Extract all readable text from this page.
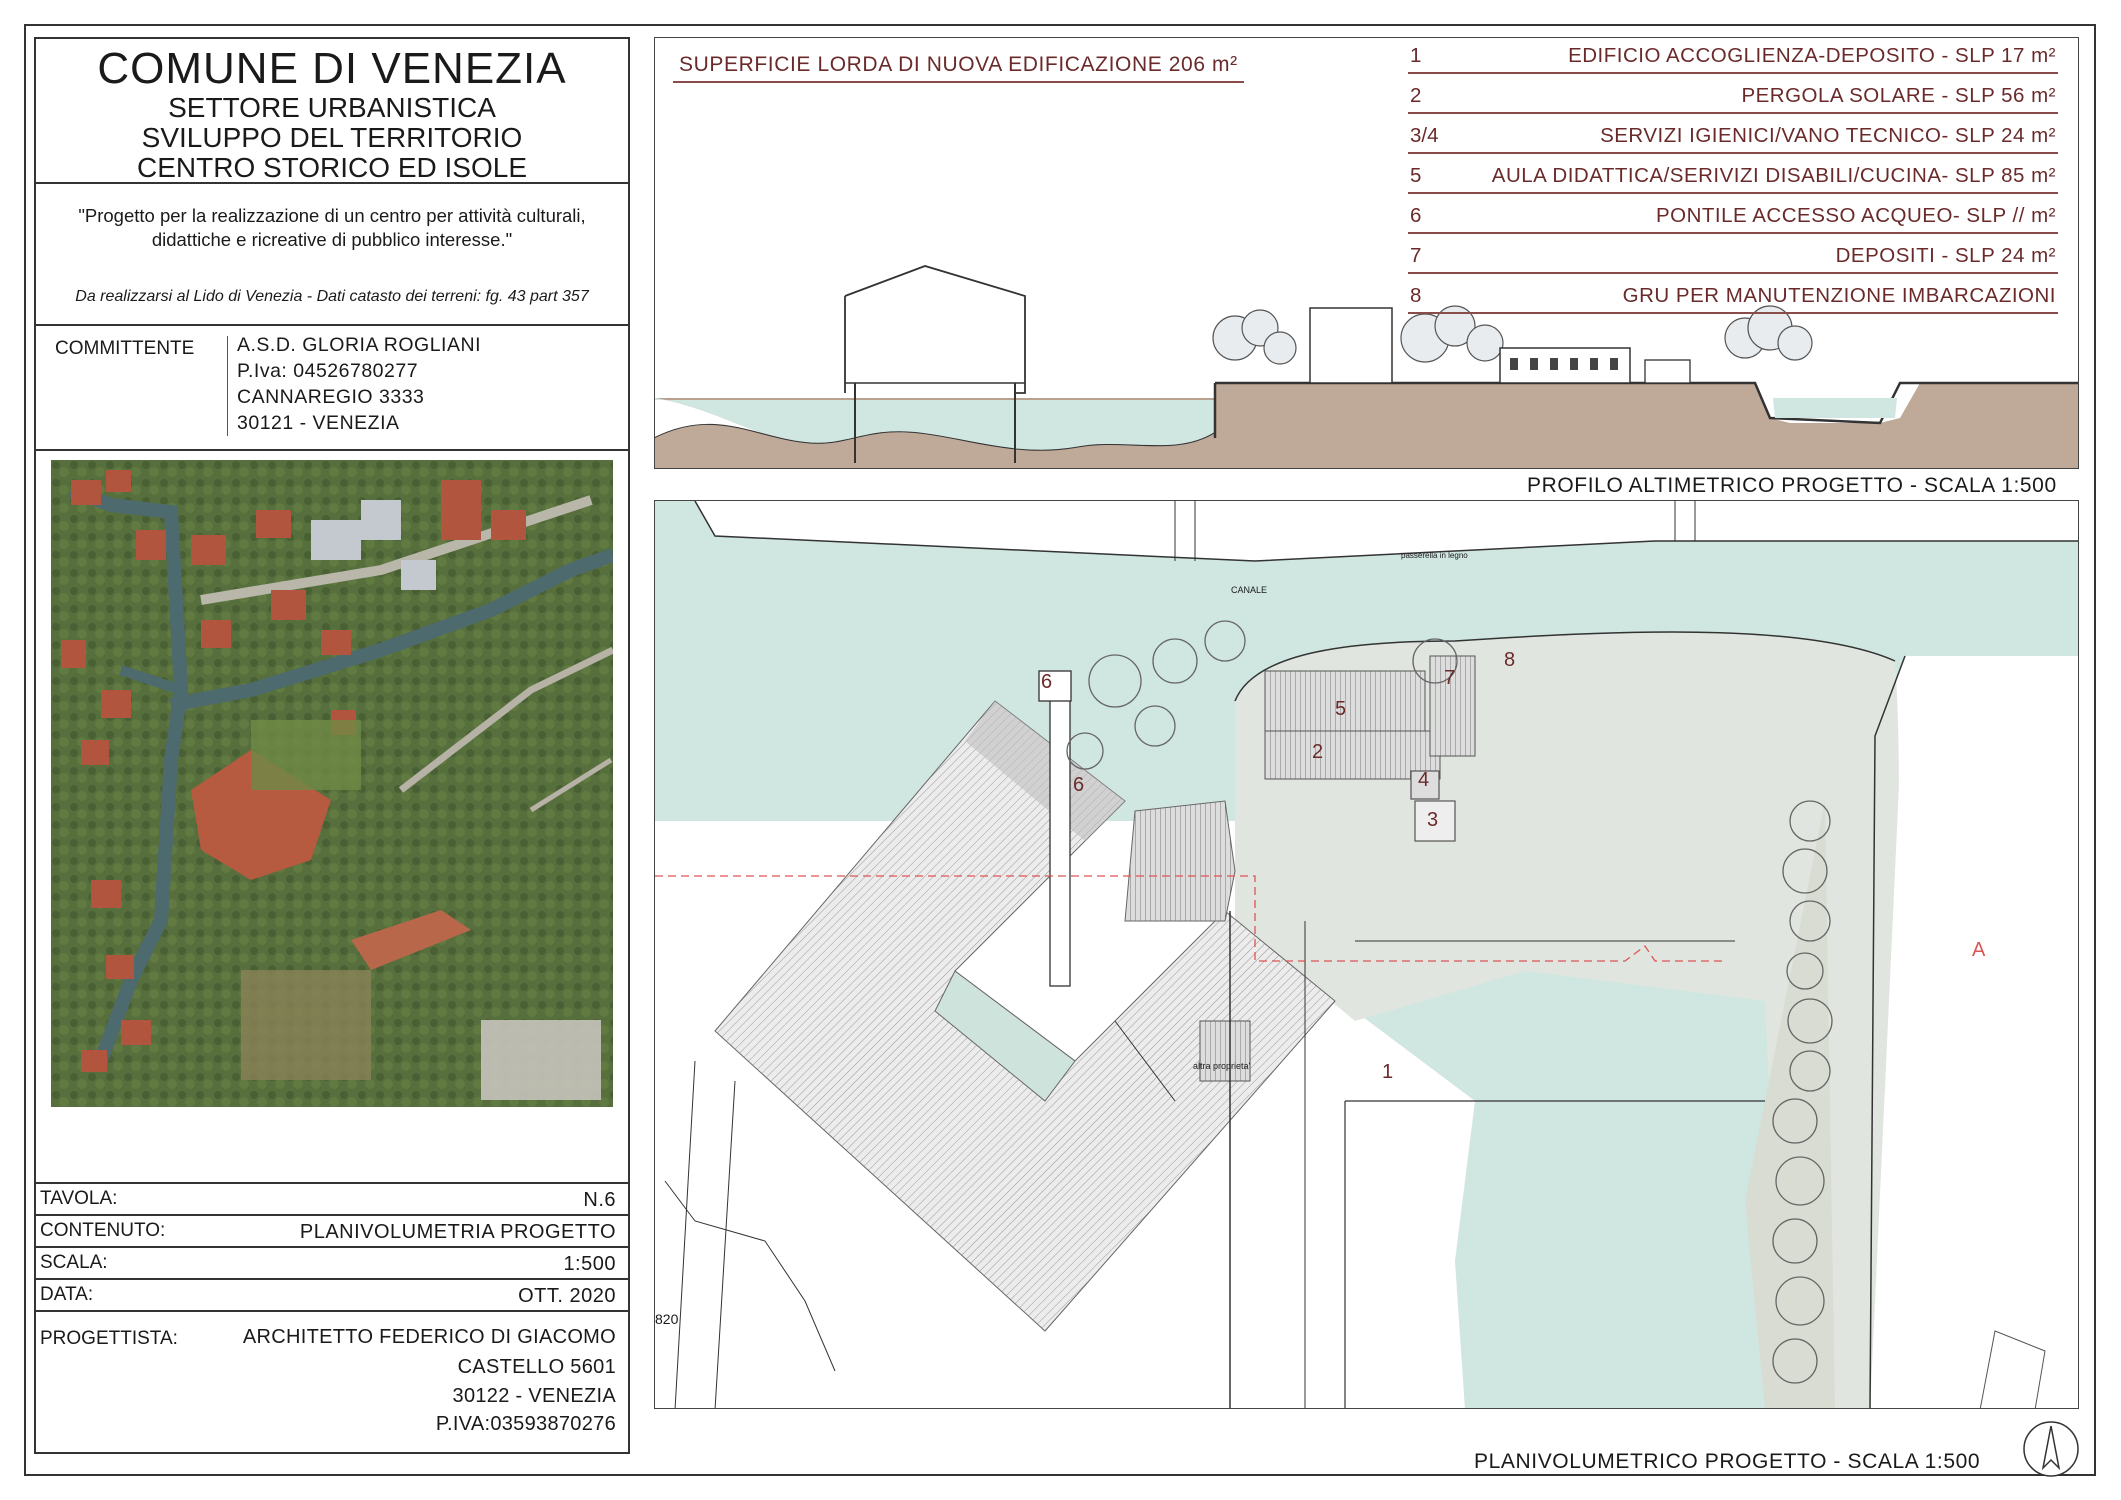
COMUNE DI VENEZIA
SETTORE URBANISTICA
SVILUPPO DEL TERRITORIO
CENTRO STORICO ED ISOLE
"Progetto per la realizzazione di un centro per attività culturali,
didattiche e ricreative di pubblico interesse."
Da realizzarsi al Lido di Venezia - Dati catasto dei terreni: fg. 43 part 357
COMMITTENTE A.S.D. GLORIA ROGLIANI
P.Iva: 04526780277
CANNAREGIO 3333
30121 - VENEZIA
TAVOLA:	N.6
CONTENUTO:	PLANIVOLUMETRIA PROGETTO
SCALA:	1:500
DATA:	OTT. 2020
PROGETTISTA:	ARCHITETTO FEDERICO DI GIACOMO
CASTELLO 5601
30122 - VENEZIA
P.IVA:03593870276
SUPERFICIE LORDA DI NUOVA EDIFICAZIONE 206 m²	1	EDIFICIO ACCOGLIENZA-DEPOSITO - SLP 17 m²
2	PERGOLA SOLARE - SLP 56 m²
3/4	SERVIZI IGIENICI/VANO TECNICO- SLP 24 m²
5	AULA DIDATTICA/SERIVIZI DISABILI/CUCINA- SLP 85 m²
6	PONTILE ACCESSO ACQUEO- SLP // m²
7	DEPOSITI - SLP 24 m²
8	GRU PER MANUTENZIONE IMBARCAZIONI
PROFILO ALTIMETRICO PROGETTO - SCALA 1:500
CANALE
passerella in legno
altra proprieta'
820
6
6
5
2
7
8
4
3
1
A
PLANIVOLUMETRICO PROGETTO - SCALA 1:500
